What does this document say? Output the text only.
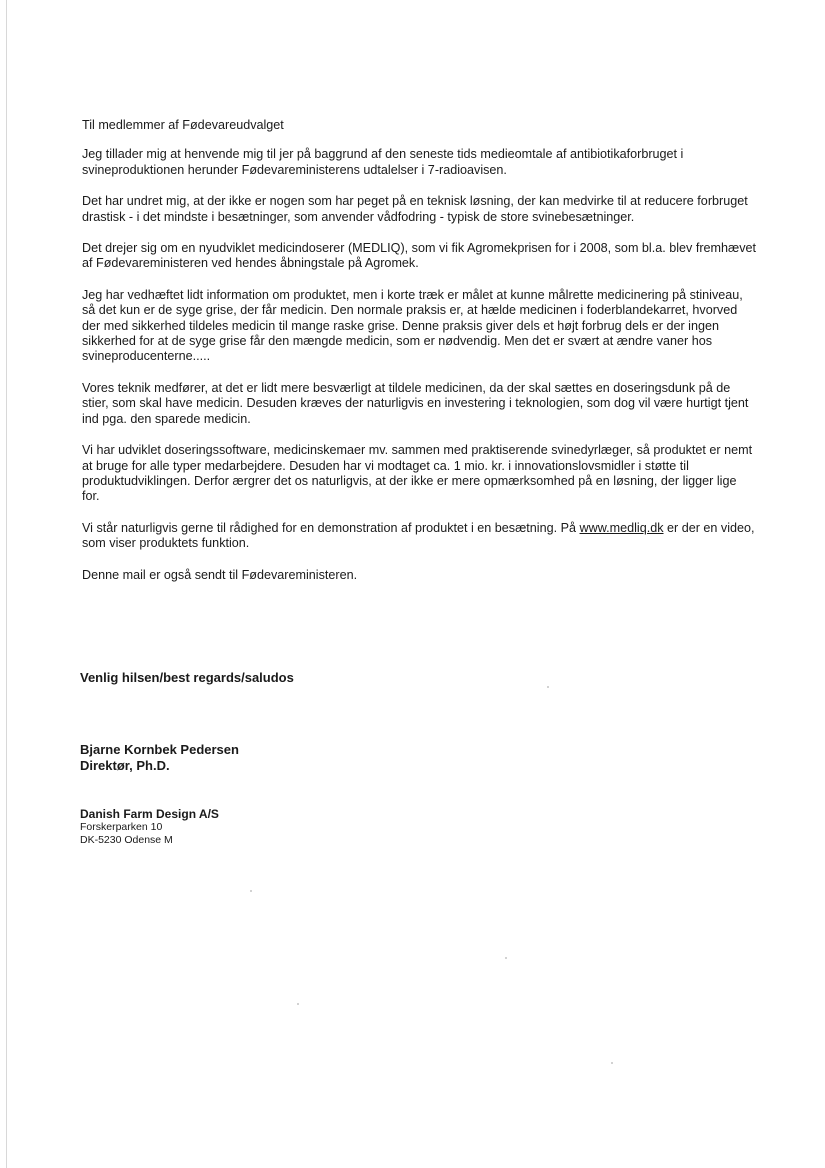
Til medlemmer af Fødevareudvalget

Jeg tillader mig at henvende mig til jer på baggrund af den seneste tids medieomtale af antibiotikaforbruget i svineproduktionen herunder Fødevareministerens udtalelser i 7-radioavisen.

Det har undret mig, at der ikke er nogen som har peget på en teknisk løsning, der kan medvirke til at reducere forbruget drastisk - i det mindste i besætninger, som anvender vådfodring - typisk de store svinebesætninger.

Det drejer sig om en nyudviklet medicindoserer (MEDLIQ), som vi fik Agromekprisen for i 2008, som bl.a. blev fremhævet af Fødevareministeren ved hendes åbningstale på Agromek.

Jeg har vedhæftet lidt information om produktet, men i korte træk er målet at kunne målrette medicinering på stiniveau, så det kun er de syge grise, der får medicin. Den normale praksis er, at hælde medicinen i foderblandekarret, hvorved der med sikkerhed tildeles medicin til mange raske grise. Denne praksis giver dels et højt forbrug dels er der ingen sikkerhed for at de syge grise får den mængde medicin, som er nødvendig. Men det er svært at ændre vaner hos svineproducenterne.....

Vores teknik medfører, at det er lidt mere besværligt at tildele medicinen, da der skal sættes en doseringsdunk på de stier, som skal have medicin. Desuden kræves der naturligvis en investering i teknologien, som dog vil være hurtigt tjent ind pga. den sparede medicin.

Vi har udviklet doseringssoftware, medicinskemaer mv. sammen med praktiserende svinedyrlæger, så produktet er nemt at bruge for alle typer medarbejdere. Desuden har vi modtaget ca. 1 mio. kr. i innovationslovsmidler i støtte til produktudviklingen. Derfor ærgrer det os naturligvis, at der ikke er mere opmærksomhed på en løsning, der ligger lige for.

Vi står naturligvis gerne til rådighed for en demonstration af produktet i en besætning. På www.medliq.dk er der en video, som viser produktets funktion.

Denne mail er også sendt til Fødevareministeren.

Venlig hilsen/best regards/saludos
Bjarne Kornbek Pedersen
Direktør, Ph.D.
Danish Farm Design A/S
Forskerparken 10
DK-5230 Odense M
